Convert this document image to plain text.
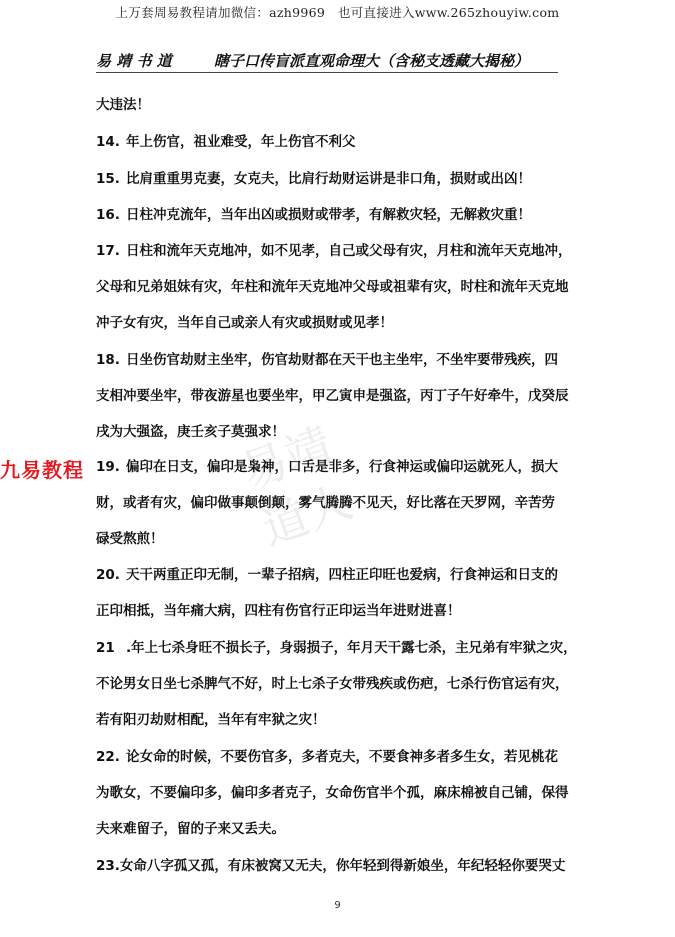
上万套周易教程请加微信：azh9969　也可直接进入www.265zhouyiw.com
易 靖 书 道	瞎子口传盲派直观命理大（含秘支透藏大揭秘）
易靖道人
九易教程
大违法！
14. 年上伤官，祖业难受，年上伤官不利父
15. 比肩重重男克妻，女克夫，比肩行劫财运讲是非口角，损财或出凶！
16. 日柱冲克流年，当年出凶或损财或带孝，有解救灾轻，无解救灾重！
17. 日柱和流年天克地冲，如不见孝，自己或父母有灾，月柱和流年天克地冲，
父母和兄弟姐妹有灾，年柱和流年天克地冲父母或祖辈有灾，时柱和流年天克地
冲子女有灾，当年自己或亲人有灾或损财或见孝！
18. 日坐伤官劫财主坐牢，伤官劫财都在天干也主坐牢，不坐牢要带残疾，四
支相冲要坐牢，带夜游星也要坐牢，甲乙寅申是强盗，丙丁子午好牵牛，戊癸辰
戌为大强盗，庚壬亥子莫强求！
19. 偏印在日支，偏印是枭神，口舌是非多，行食神运或偏印运就死人，损大
财，或者有灾，偏印做事颠倒颠，雾气腾腾不见天，好比落在天罗网，辛苦劳
碌受熬煎！
20. 天干两重正印无制，一辈子招病，四柱正印旺也爱病，行食神运和日支的
正印相抵，当年痛大病，四柱有伤官行正印运当年进财进喜！
21 .年上七杀身旺不损长子，身弱损子，年月天干露七杀，主兄弟有牢狱之灾，
不论男女日坐七杀脾气不好，时上七杀子女带残疾或伤疤，七杀行伤官运有灾，
若有阳刃劫财相配，当年有牢狱之灾！
22. 论女命的时候，不要伤官多，多者克夫，不要食神多者多生女，若见桃花
为歌女，不要偏印多，偏印多者克子，女命伤官半个孤，麻床棉被自己铺，保得
夫来难留子，留的子来又丢夫。
23.女命八字孤又孤，有床被窝又无夫，你年轻到得新娘坐，年纪轻轻你要哭丈
9
